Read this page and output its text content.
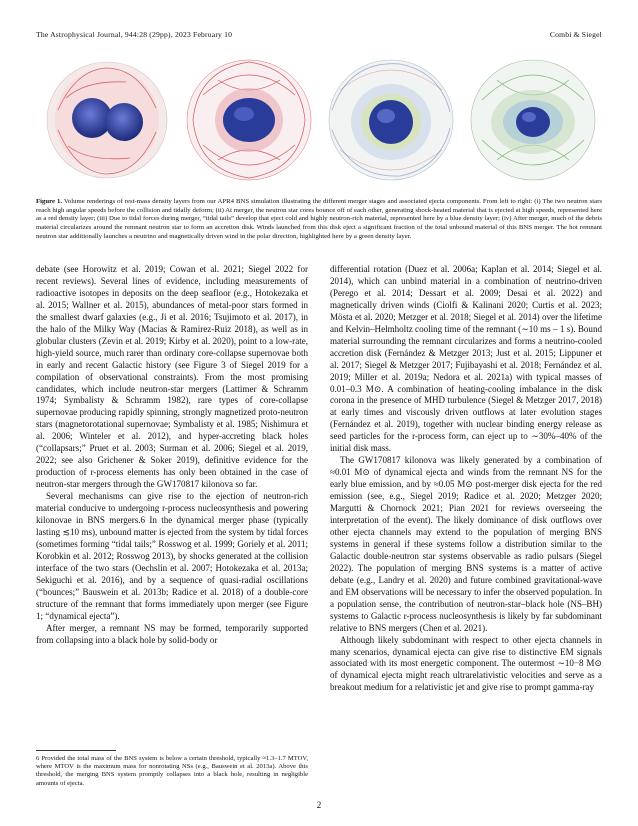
The Astrophysical Journal, 944:28 (29pp), 2023 February 10	Combi & Siegel
Figure 1. Volume renderings of rest-mass density layers from our APR4 BNS simulation illustrating the different merger stages and associated ejecta components. From left to right: (i) The two neutron stars reach high angular speeds before the collision and tidally deform; (ii) At merger, the neutron star cores bounce off of each other, generating shock-heated material that is ejected at high speeds, represented here as a red density layer; (iii) Due to tidal forces during merger, “tidal tails” develop that eject cold and highly neutron-rich material, represented here by a blue density layer; (iv) After merger, much of the debris material circularizes around the remnant neutron star to form an accretion disk. Winds launched from this disk eject a significant fraction of the total unbound material of this BNS merger. The hot remnant neutron star additionally launches a neutrino and magnetically driven wind in the polar direction, highlighted here by a green density layer.

debate (see Horowitz et al. 2019; Cowan et al. 2021; Siegel 2022 for recent reviews). Several lines of evidence, including measurements of radioactive isotopes in deposits on the deep seafloor (e.g., Hotokezaka et al. 2015; Wallner et al. 2015), abundances of metal-poor stars formed in the smallest dwarf galaxies (e.g., Ji et al. 2016; Tsujimoto et al. 2017), in the halo of the Milky Way (Macias & Ramirez-Ruiz 2018), as well as in globular clusters (Zevin et al. 2019; Kirby et al. 2020), point to a low-rate, high-yield source, much rarer than ordinary core-collapse supernovae both in early and recent Galactic history (see Figure 3 of Siegel 2019 for a compilation of observational constraints). From the most promising candidates, which include neutron-star mergers (Lattimer & Schramm 1974; Symbalisty & Schramm 1982), rare types of core-collapse supernovae producing rapidly spinning, strongly magnetized proto-neutron stars (magnetorotational supernovae; Symbalisty et al. 1985; Nishimura et al. 2006; Winteler et al. 2012), and hyper-accreting black holes (“collapsars;” Pruet et al. 2003; Surman et al. 2006; Siegel et al. 2019, 2022; see also Grichener & Soker 2019), definitive evidence for the production of r-process elements has only been obtained in the case of neutron-star mergers through the GW170817 kilonova so far.

Several mechanisms can give rise to the ejection of neutron-rich material conducive to undergoing r-process nucleosynthesis and powering kilonovae in BNS mergers.6 In the dynamical merger phase (typically lasting ≲10 ms), unbound matter is ejected from the system by tidal forces (sometimes forming “tidal tails;” Rosswog et al. 1999; Goriely et al. 2011; Korobkin et al. 2012; Rosswog 2013), by shocks generated at the collision interface of the two stars (Oechslin et al. 2007; Hotokezaka et al. 2013a; Sekiguchi et al. 2016), and by a sequence of quasi-radial oscillations (“bounces;” Bauswein et al. 2013b; Radice et al. 2018) of a double-core structure of the remnant that forms immediately upon merger (see Figure 1; “dynamical ejecta”).

After merger, a remnant NS may be formed, temporarily supported from collapsing into a black hole by solid-body or

differential rotation (Duez et al. 2006a; Kaplan et al. 2014; Siegel et al. 2014), which can unbind material in a combination of neutrino-driven (Perego et al. 2014; Dessart et al. 2009; Desai et al. 2022) and magnetically driven winds (Ciolfi & Kalinani 2020; Curtis et al. 2023; Mösta et al. 2020; Metzger et al. 2018; Siegel et al. 2014) over the lifetime and Kelvin–Helmholtz cooling time of the remnant (∼10 ms – 1 s). Bound material surrounding the remnant circularizes and forms a neutrino-cooled accretion disk (Fernández & Metzger 2013; Just et al. 2015; Lippuner et al. 2017; Siegel & Metzger 2017; Fujibayashi et al. 2018; Fernández et al. 2019; Miller et al. 2019a; Nedora et al. 2021a) with typical masses of 0.01–0.3 M⊙. A combination of heating-cooling imbalance in the disk corona in the presence of MHD turbulence (Siegel & Metzger 2017, 2018) at early times and viscously driven outflows at later evolution stages (Fernández et al. 2019), together with nuclear binding energy release as seed particles for the r-process form, can eject up to ∼30%–40% of the initial disk mass.

The GW170817 kilonova was likely generated by a combination of ≈0.01 M⊙ of dynamical ejecta and winds from the remnant NS for the early blue emission, and by ≈0.05 M⊙ post-merger disk ejecta for the red emission (see, e.g., Siegel 2019; Radice et al. 2020; Metzger 2020; Margutti & Chornock 2021; Pian 2021 for reviews overseeing the interpretation of the event). The likely dominance of disk outflows over other ejecta channels may extend to the population of merging BNS systems in general if these systems follow a distribution similar to the Galactic double-neutron star systems observable as radio pulsars (Siegel 2022). The population of merging BNS systems is a matter of active debate (e.g., Landry et al. 2020) and future combined gravitational-wave and EM observations will be necessary to infer the observed population. In a population sense, the contribution of neutron-star–black hole (NS–BH) systems to Galactic r-process nucleosynthesis is likely by far subdominant relative to BNS mergers (Chen et al. 2021).

Although likely subdominant with respect to other ejecta channels in many scenarios, dynamical ejecta can give rise to distinctive EM signals associated with its most energetic component. The outermost ∼10−8 M⊙ of dynamical ejecta might reach ultrarelativistic velocities and serve as a breakout medium for a relativistic jet and give rise to prompt gamma-ray

6 Provided the total mass of the BNS system is below a certain threshold, typically ≈1.3–1.7 MTOV, where MTOV is the maximum mass for nonrotating NSs (e.g., Bauswein et al. 2013a). Above this threshold, the merging BNS system promptly collapses into a black hole, resulting in negligible amounts of ejecta.
2
